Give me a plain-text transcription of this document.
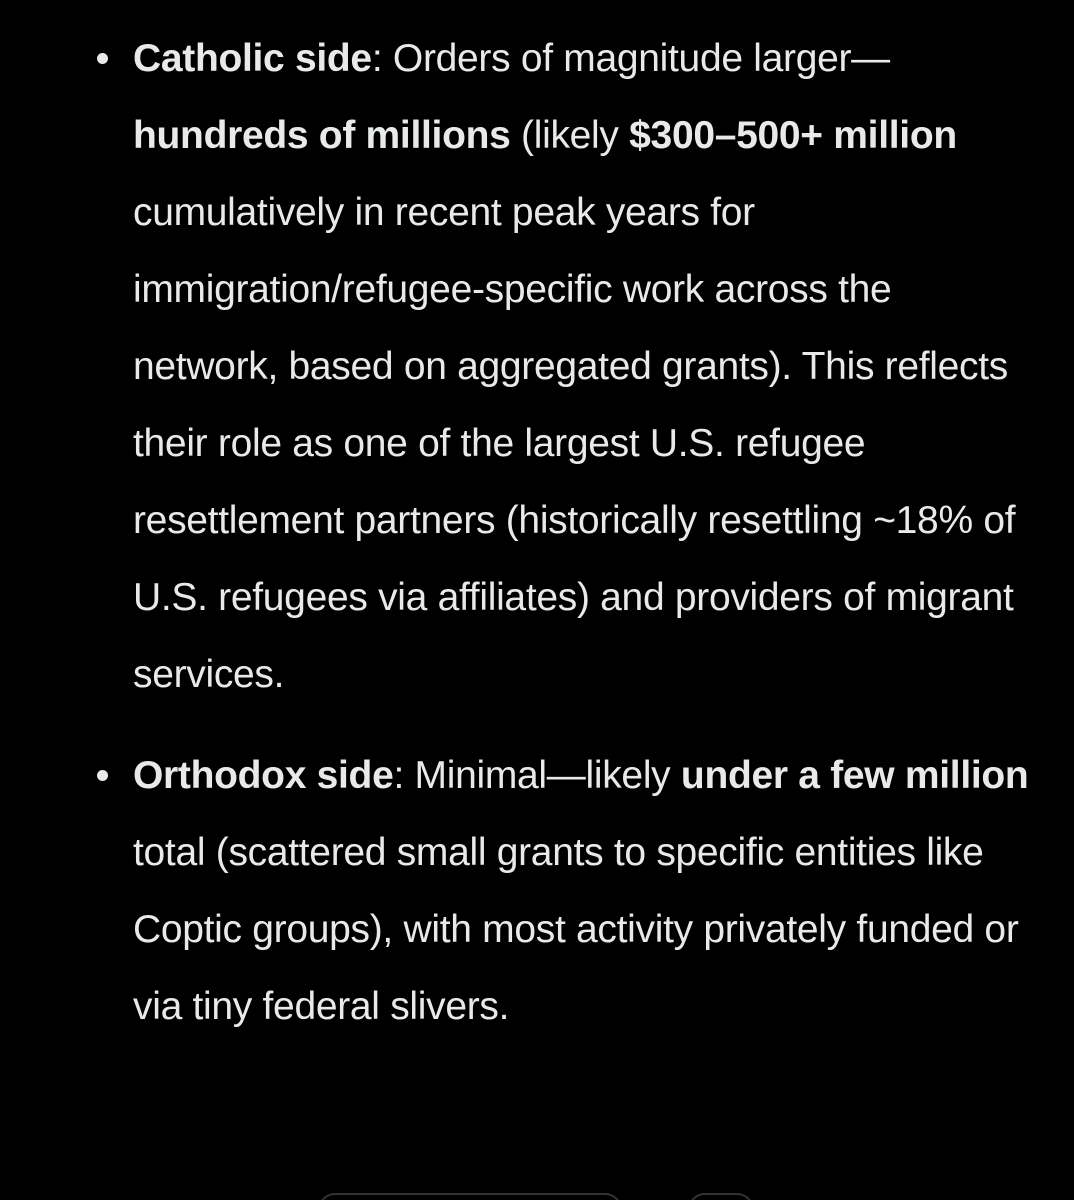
Catholic side: Orders of magnitude larger—hundreds of millions (likely $300–500+ million cumulatively in recent peak years for immigration/refugee-specific work across the network, based on aggregated grants). This reflects their role as one of the largest U.S. refugee resettlement partners (historically resettling ~18% of U.S. refugees via affiliates) and providers of migrant services.
Orthodox side: Minimal—likely under a few million total (scattered small grants to specific entities like Coptic groups), with most activity privately funded or via tiny federal slivers.
